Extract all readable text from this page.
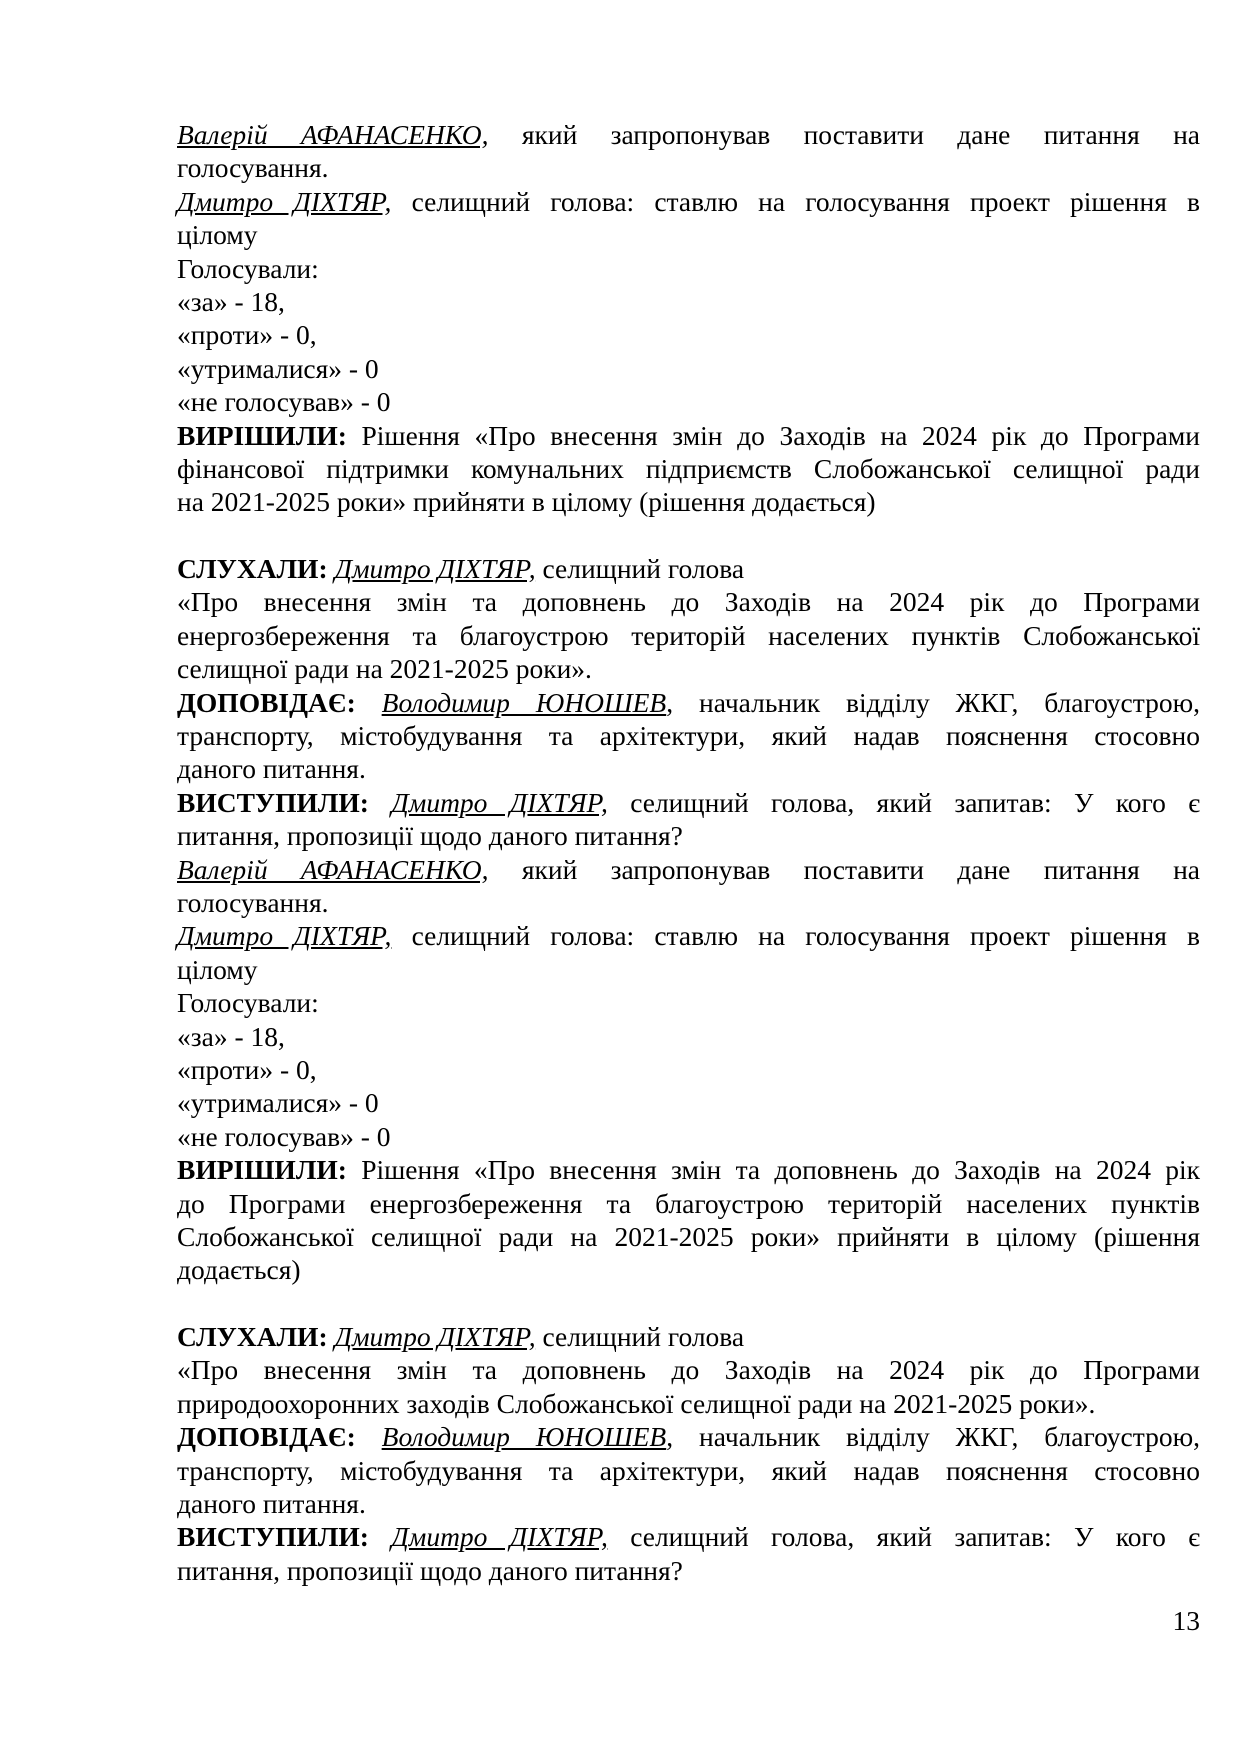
Валерій АФАНАСЕНКО, який запропонував поставити дане питання на
голосування.
Дмитро ДІХТЯР, селищний голова: ставлю на голосування проект рішення в
цілому
Голосували:
«за» - 18,
«проти» - 0,
«утрималися» - 0
«не голосував» - 0
ВИРІШИЛИ: Рішення «Про внесення змін до Заходів на 2024 рік до Програми
фінансової підтримки комунальних підприємств Слобожанської селищної ради
на 2021-2025 роки» прийняти в цілому (рішення додається)
СЛУХАЛИ: Дмитро ДІХТЯР, селищний голова
«Про внесення змін та доповнень до Заходів на 2024 рік до Програми
енергозбереження та благоустрою територій населених пунктів Слобожанської
селищної ради на 2021-2025 роки».
ДОПОВІДАЄ: Володимир ЮНОШЕВ, начальник відділу ЖКГ, благоустрою,
транспорту, містобудування та архітектури, який надав пояснення стосовно
даного питання.
ВИСТУПИЛИ: Дмитро ДІХТЯР, селищний голова, який запитав: У кого є
питання, пропозиції щодо даного питання?
Валерій АФАНАСЕНКО, який запропонував поставити дане питання на
голосування.
Дмитро ДІХТЯР, селищний голова: ставлю на голосування проект рішення в
цілому
Голосували:
«за» - 18,
«проти» - 0,
«утрималися» - 0
«не голосував» - 0
ВИРІШИЛИ: Рішення «Про внесення змін та доповнень до Заходів на 2024 рік
до Програми енергозбереження та благоустрою територій населених пунктів
Слобожанської селищної ради на 2021-2025 роки» прийняти в цілому (рішення
додається)
СЛУХАЛИ: Дмитро ДІХТЯР, селищний голова
«Про внесення змін та доповнень до Заходів на 2024 рік до Програми
природоохоронних заходів Слобожанської селищної ради на 2021-2025 роки».
ДОПОВІДАЄ: Володимир ЮНОШЕВ, начальник відділу ЖКГ, благоустрою,
транспорту, містобудування та архітектури, який надав пояснення стосовно
даного питання.
ВИСТУПИЛИ: Дмитро ДІХТЯР, селищний голова, який запитав: У кого є
питання, пропозиції щодо даного питання?
13
